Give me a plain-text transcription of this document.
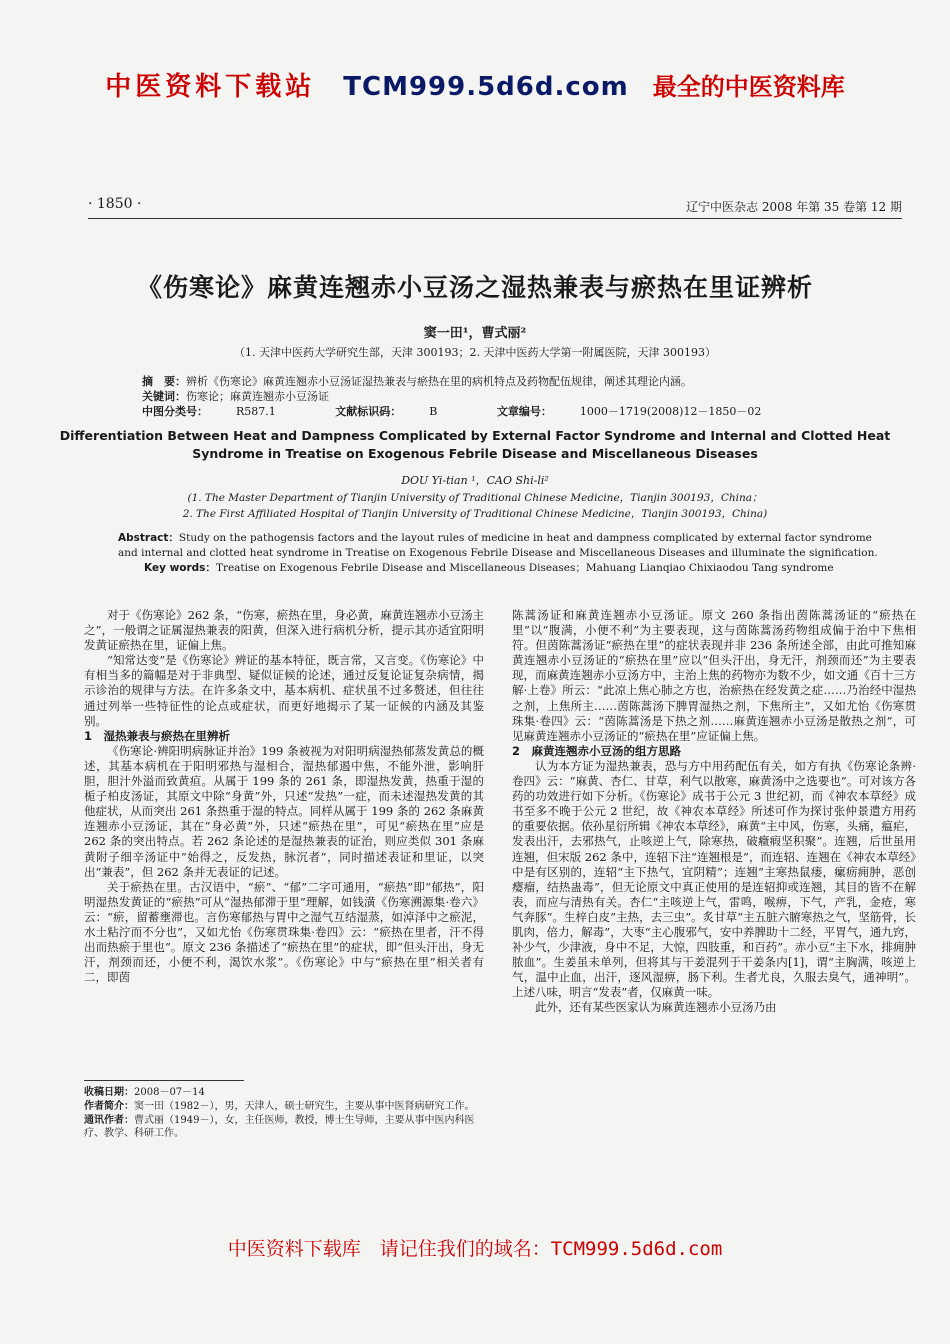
中医资料下载站 TCM999.5d6d.com 最全的中医资料库
· 1850 ·	辽宁中医杂志 2008 年第 35 卷第 12 期
《伤寒论》麻黄连翘赤小豆汤之湿热兼表与瘀热在里证辨析
窦一田¹，曹式丽²
（1. 天津中医药大学研究生部，天津 300193；2. 天津中医药大学第一附属医院，天津 300193）
摘　要：辨析《伤寒论》麻黄连翘赤小豆汤证湿热兼表与瘀热在里的病机特点及药物配伍规律，阐述其理论内涵。
关键词：伤寒论；麻黄连翘赤小豆汤证
中图分类号：	R587.1	文献标识码：	B	文章编号：	1000－1719(2008)12－1850－02
Differentiation Between Heat and Dampness Complicated by External Factor Syndrome and Internal and Clotted Heat Syndrome in Treatise on Exogenous Febrile Disease and Miscellaneous Diseases
DOU Yi-tian ¹，CAO Shi-li²
(1. The Master Department of Tianjin University of Traditional Chinese Medicine，Tianjin 300193，China；
2. The First Affiliated Hospital of Tianjin University of Traditional Chinese Medicine，Tianjin 300193，China)
Abstract：Study on the pathogensis factors and the layout rules of medicine in heat and dampness complicated by external factor syndrome and internal and clotted heat syndrome in Treatise on Exogenous Febrile Disease and Miscellaneous Diseases and illuminate the signification.
Key words：Treatise on Exogenous Febrile Disease and Miscellaneous Diseases；Mahuang Lianqiao Chixiaodou Tang syndrome

对于《伤寒论》262 条，“伤寒，瘀热在里，身必黄，麻黄连翘赤小豆汤主之”，一般谓之证属湿热兼表的阳黄，但深入进行病机分析，提示其亦适宜阳明发黄证瘀热在里，证偏上焦。

“知常达变”是《伤寒论》辨证的基本特征，既言常，又言变。《伤寒论》中有相当多的篇幅是对于非典型、疑似证候的论述，通过反复论证复杂病情，揭示诊治的规律与方法。在许多条文中，基本病机、症状虽不过多赘述，但往往通过列举一些特征性的论点或症状，而更好地揭示了某一证候的内涵及其鉴别。

1　湿热兼表与瘀热在里辨析

《伤寒论·辨阳明病脉证并治》199 条被视为对阳明病湿热郁蒸发黄总的概述，其基本病机在于阳明邪热与湿相合，湿热郁遏中焦，不能外泄，影响肝胆，胆汁外溢而致黄疸。从属于 199 条的 261 条，即湿热发黄，热重于湿的栀子柏皮汤证，其原文中除“身黄”外，只述“发热”一症，而未述湿热发黄的其他症状，从而突出 261 条热重于湿的特点。同样从属于 199 条的 262 条麻黄连翘赤小豆汤证，其在“身必黄”外，只述“瘀热在里”，可见“瘀热在里”应是 262 条的突出特点。若 262 条论述的是湿热兼表的证治，则应类似 301 条麻黄附子细辛汤证中“始得之，反发热，脉沉者”，同时描述表证和里证，以突出“兼表”，但 262 条并无表证的记述。

关于瘀热在里。古汉语中，“瘀”、“郁”二字可通用，“瘀热”即“郁热”，阳明湿热发黄证的“瘀热”可从“湿热郁滞于里”理解，如钱潢《伤寒溯源集·卷六》云：“瘀，留蓄壅滞也。言伤寒郁热与胃中之湿气互结湿蒸，如淖泽中之瘀泥，水土粘泞而不分也”，又如尤怡《伤寒贯珠集·卷四》云：“瘀热在里者，汗不得出而热瘀于里也”。原文 236 条描述了“瘀热在里”的症状，即“但头汗出，身无汗，剂颈而还，小便不利，渴饮水浆”。《伤寒论》中与“瘀热在里”相关者有二，即茵

陈蒿汤证和麻黄连翘赤小豆汤证。原文 260 条指出茵陈蒿汤证的“瘀热在里”以“腹满，小便不利”为主要表现，这与茵陈蒿汤药物组成偏于治中下焦相符。但茵陈蒿汤证“瘀热在里”的症状表现并非 236 条所述全部，由此可推知麻黄连翘赤小豆汤证的“瘀热在里”应以“但头汗出，身无汗，剂颈而还”为主要表现，而麻黄连翘赤小豆汤方中，主治上焦的药物亦为数不少，如文通《百十三方解·上卷》所云：“此凉上焦心肺之方也，治瘀热在经发黄之症……乃治经中湿热之剂，上焦所主……茵陈蒿汤下脾胃湿热之剂，下焦所主”，又如尤怡《伤寒贯珠集·卷四》云：“茵陈蒿汤是下热之剂……麻黄连翘赤小豆汤是散热之剂”，可见麻黄连翘赤小豆汤证的“瘀热在里”应证偏上焦。

2　麻黄连翘赤小豆汤的组方思路

认为本方证为湿热兼表，恐与方中用药配伍有关，如方有执《伤寒论条辨·卷四》云：“麻黄、杏仁、甘草，利气以散寒，麻黄汤中之选要也”。可对该方各药的功效进行如下分析。《伤寒论》成书于公元 3 世纪初，而《神农本草经》成书至多不晚于公元 2 世纪，故《神农本草经》所述可作为探讨张仲景遣方用药的重要依据。依孙星衍所辑《神农本草经》，麻黄“主中风，伤寒，头痛，瘟疟，发表出汗，去邪热气，止咳逆上气，除寒热，破癥瘕坚积聚”。连翘，后世虽用连翘，但宋版 262 条中，连轺下注“连翘根是”，而连轺、连翘在《神农本草经》中是有区别的，连轺“主下热气，宜阴精”；连翘“主寒热鼠瘘，瘰疬痈肿，恶创瘿瘤，结热蛊毒”，但无论原文中真正使用的是连轺抑或连翘，其目的皆不在解表，而应与清热有关。杏仁“主咳逆上气，雷鸣，喉痹，下气，产乳，金疮，寒气奔豚”。生梓白皮“主热，去三虫”。炙甘草“主五脏六腑寒热之气，坚筋骨，长肌肉，倍力，解毒”，大枣“主心腹邪气，安中养脾助十二经，平胃气，通九窍，补少气，少津液，身中不足，大惊，四肢重，和百药”。赤小豆“主下水，排痈肿脓血”。生姜虽未单列，但将其与干姜混列于干姜条内[1]，谓“主胸满，咳逆上气，温中止血，出汗，逐风湿痹，肠下利。生者尤良，久服去臭气，通神明”。上述八味，明言“发表”者，仅麻黄一味。

此外，还有某些医家认为麻黄连翘赤小豆汤乃由

收稿日期：2008－07－14

作者简介：窦一田（1982－），男，天津人，硕士研究生，主要从事中医肾病研究工作。

通讯作者：曹式丽（1949－），女，主任医师，教授，博士生导师，主要从事中医内科医疗、教学、科研工作。

中医资料下载库　请记住我们的域名：TCM999.5d6d.com
